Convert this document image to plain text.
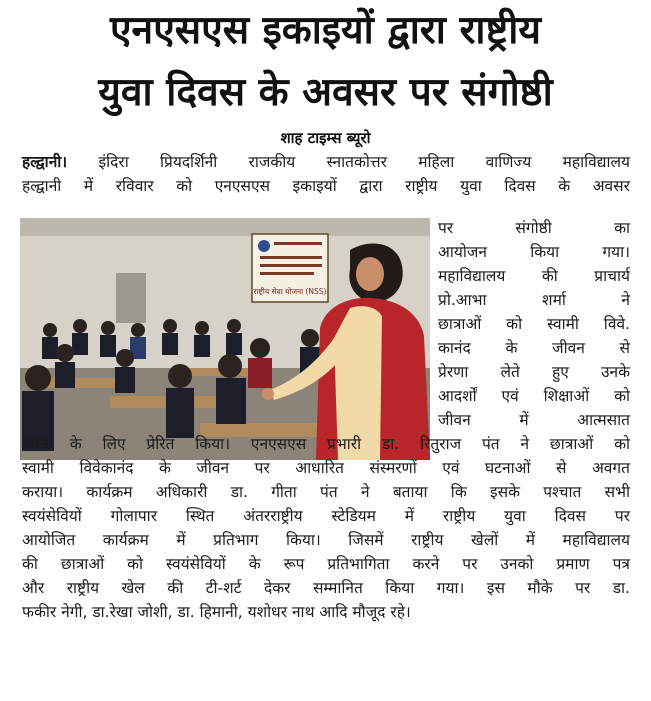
एनएसएस इकाइयों द्वारा राष्ट्रीय
युवा दिवस के अवसर पर संगोष्ठी
शाह टाइम्स ब्यूरो
हल्द्वानी। इंदिरा प्रियदर्शिनी राजकीय स्नातकोत्तर महिला वाणिज्य महाविद्यालय
हल्द्वानी में रविवार को एनएसएस इकाइयों द्वारा राष्ट्रीय युवा दिवस के अवसर
राष्ट्रीय सेवा योजना (NSS)
पर संगोष्ठी का
आयोजन किया गया।
महाविद्यालय की प्राचार्य
प्रो.आभा शर्मा ने
छात्राओं को स्वामी विवे.
कानंद के जीवन से
प्रेरणा लेते हुए उनके
आदर्शों एवं शिक्षाओं को
जीवन में आत्मसात
करने के लिए प्रेरित किया। एनएसएस प्रभारी डा. रितुराज पंत ने छात्राओं को
स्वामी विवेकानंद के जीवन पर आधारित संस्मरणों एवं घटनाओं से अवगत
कराया। कार्यक्रम अधिकारी डा. गीता पंत ने बताया कि इसके पश्चात सभी
स्वयंसेवियों गोलापार स्थित अंतरराष्ट्रीय स्टेडियम में राष्ट्रीय युवा दिवस पर
आयोजित कार्यक्रम में प्रतिभाग किया। जिसमें राष्ट्रीय खेलों में महाविद्यालय
की छात्राओं को स्वयंसेवियों के रूप प्रतिभागिता करने पर उनको प्रमाण पत्र
और राष्ट्रीय खेल की टी-शर्ट देकर सम्मानित किया गया। इस मौके पर डा.
फकीर नेगी, डा.रेखा जोशी, डा. हिमानी, यशोधर नाथ आदि मौजूद रहे।
